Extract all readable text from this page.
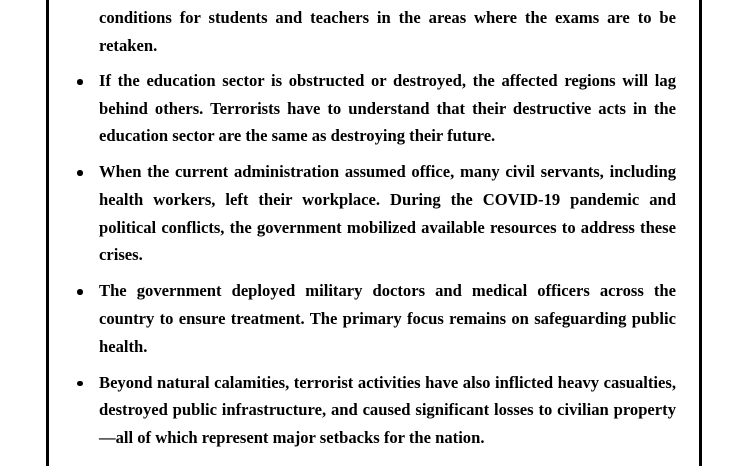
conditions for students and teachers in the areas where the exams are to be retaken.

If the education sector is obstructed or destroyed, the affected regions will lag behind others. Terrorists have to understand that their destructive acts in the education sector are the same as destroying their future.
When the current administration assumed office, many civil servants, including health workers, left their workplace. During the COVID-19 pandemic and political conflicts, the government mobilized available resources to address these crises.
The government deployed military doctors and medical officers across the country to ensure treatment. The primary focus remains on safeguarding public health.
Beyond natural calamities, terrorist activities have also inflicted heavy casualties, destroyed public infrastructure, and caused significant losses to civilian property—all of which represent major setbacks for the nation.
